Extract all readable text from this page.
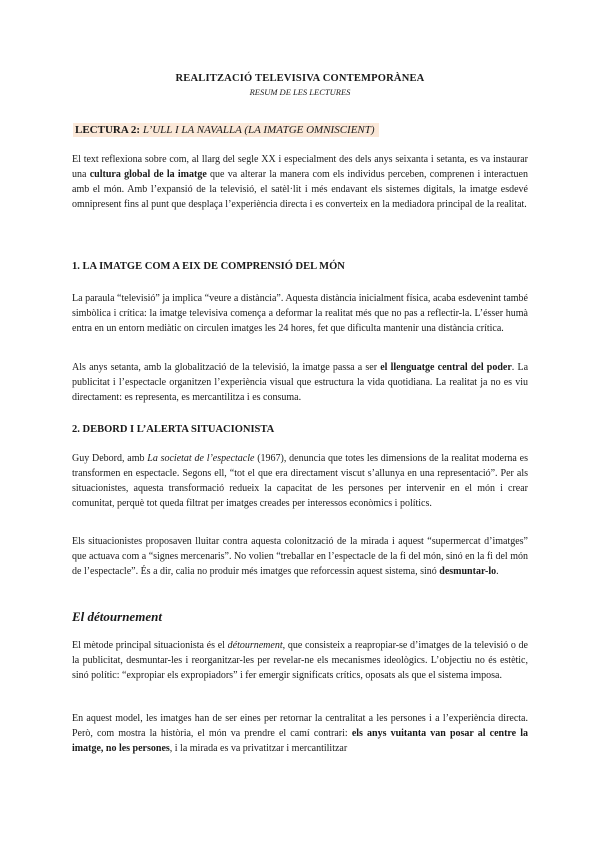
REALITZACIÓ TELEVISIVA CONTEMPORÀNEA
RESUM DE LES LECTURES
LECTURA 2: L’ULL I LA NAVALLA (LA IMATGE OMNISCIENT)

El text reflexiona sobre com, al llarg del segle XX i especialment des dels anys seixanta i setanta, es va instaurar una cultura global de la imatge que va alterar la manera com els individus perceben, comprenen i interactuen amb el món. Amb l’expansió de la televisió, el satèl·lit i més endavant els sistemes digitals, la imatge esdevé omnipresent fins al punt que desplaça l’experiència directa i es converteix en la mediadora principal de la realitat.

1. LA IMATGE COM A EIX DE COMPRENSIÓ DEL MÓN

La paraula “televisió” ja implica “veure a distància”. Aquesta distància inicialment física, acaba esdevenint també simbòlica i crítica: la imatge televisiva comença a deformar la realitat més que no pas a reflectir-la. L’ésser humà entra en un entorn mediàtic on circulen imatges les 24 hores, fet que dificulta mantenir una distància crítica.

Als anys setanta, amb la globalització de la televisió, la imatge passa a ser el llenguatge central del poder. La publicitat i l’espectacle organitzen l’experiència visual que estructura la vida quotidiana. La realitat ja no es viu directament: es representa, es mercantilitza i es consuma.

2. DEBORD I L’ALERTA SITUACIONISTA

Guy Debord, amb La societat de l’espectacle (1967), denuncia que totes les dimensions de la realitat moderna es transformen en espectacle. Segons ell, “tot el que era directament viscut s’allunya en una representació”. Per als situacionistes, aquesta transformació redueix la capacitat de les persones per intervenir en el món i crear comunitat, perquè tot queda filtrat per imatges creades per interessos econòmics i polítics.

Els situacionistes proposaven lluitar contra aquesta colonització de la mirada i aquest “supermercat d’imatges” que actuava com a “signes mercenaris”. No volien “treballar en l’espectacle de la fi del món, sinó en la fi del món de l’espectacle”. És a dir, calia no produir més imatges que reforcessin aquest sistema, sinó desmuntar-lo.

El détournement

El mètode principal situacionista és el détournement, que consisteix a reapropiar-se d’imatges de la televisió o de la publicitat, desmuntar-les i reorganitzar-les per revelar-ne els mecanismes ideològics. L’objectiu no és estètic, sinó polític: “expropiar els expropiadors” i fer emergir significats crítics, oposats als que el sistema imposa.

En aquest model, les imatges han de ser eines per retornar la centralitat a les persones i a l’experiència directa. Però, com mostra la història, el món va prendre el camí contrari: els anys vuitanta van posar al centre la imatge, no les persones, i la mirada es va privatitzar i mercantilitzar
